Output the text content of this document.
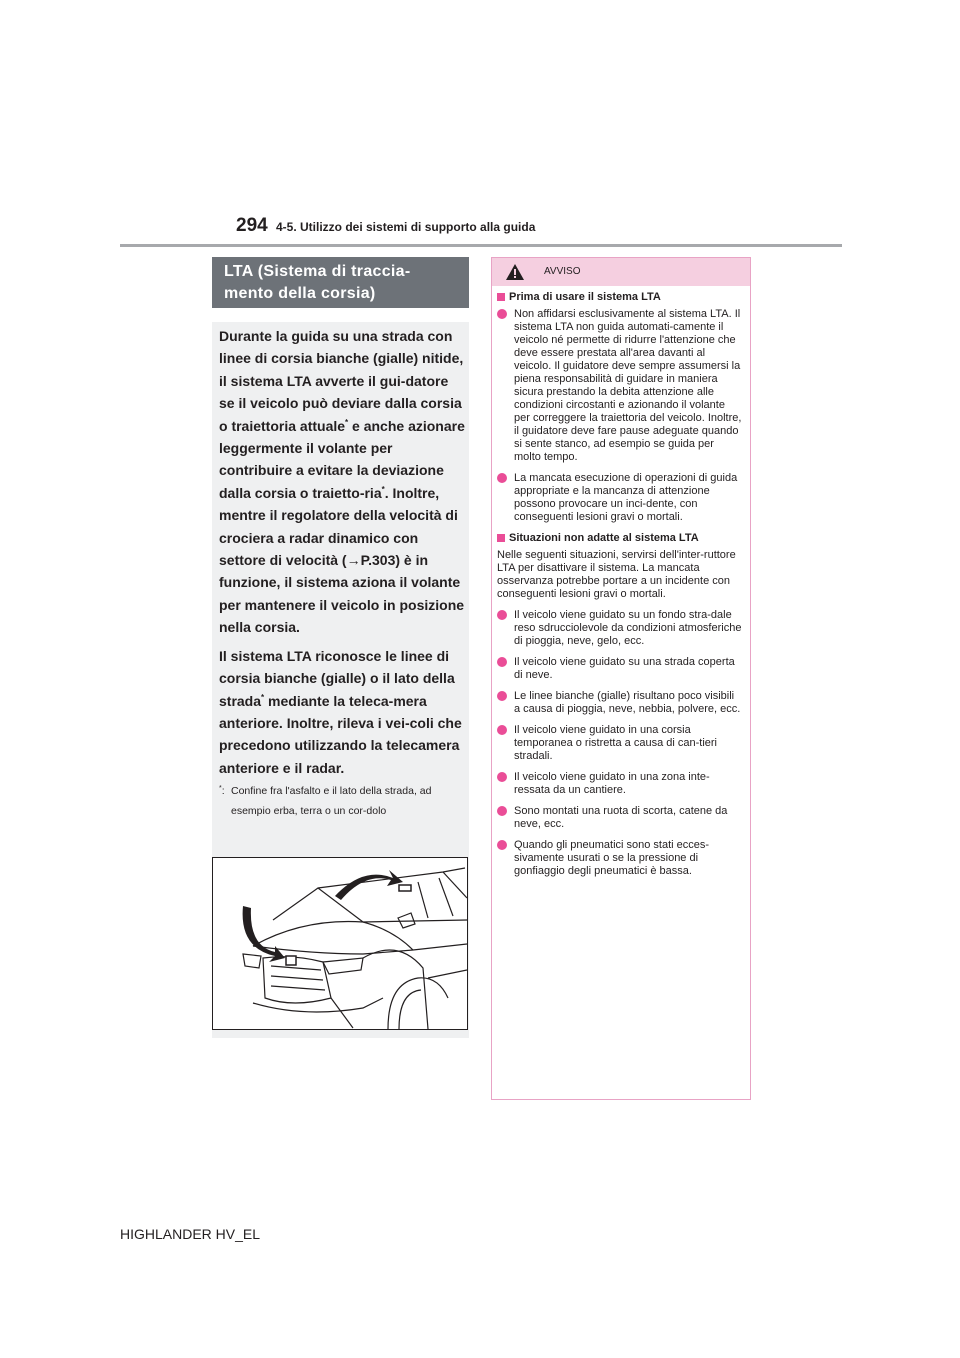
294 4-5. Utilizzo dei sistemi di supporto alla guida
LTA (Sistema di traccia-
mento della corsia)

Durante la guida su una strada con linee di corsia bianche (gialle) nitide, il sistema LTA avverte il gui-datore se il veicolo può deviare dalla corsia o traiettoria attuale* e anche azionare leggermente il volante per contribuire a evitare la deviazione dalla corsia o traietto-ria*. Inoltre, mentre il regolatore della velocità di crociera a radar dinamico con settore di velocità (→P.303) è in funzione, il sistema aziona il volante per mantenere il veicolo in posizione nella corsia.

Il sistema LTA riconosce le linee di corsia bianche (gialle) o il lato della strada* mediante la teleca-mera anteriore. Inoltre, rileva i vei-coli che precedono utilizzando la telecamera anteriore e il radar.

*: Confine fra l'asfalto e il lato della strada, ad esempio erba, terra o un cor-dolo
AVVISO
Prima di usare il sistema LTA
Non affidarsi esclusivamente al sistema LTA. Il sistema LTA non guida automati-camente il veicolo né permette di ridurre l'attenzione che deve essere prestata all'area davanti al veicolo. Il guidatore deve sempre assumersi la piena responsabilità di guidare in maniera sicura prestando la debita attenzione alle condizioni circostanti e azionando il volante per correggere la traiettoria del veicolo. Inoltre, il guidatore deve fare pause adeguate quando si sente stanco, ad esempio se guida per molto tempo.
La mancata esecuzione di operazioni di guida appropriate e la mancanza di attenzione possono provocare un inci-dente, con conseguenti lesioni gravi o mortali.
Situazioni non adatte al sistema LTA
Nelle seguenti situazioni, servirsi dell'inter-ruttore LTA per disattivare il sistema. La mancata osservanza potrebbe portare a un incidente con conseguenti lesioni gravi o mortali.
Il veicolo viene guidato su un fondo stra-dale reso sdrucciolevole da condizioni atmosferiche di pioggia, neve, gelo, ecc.
Il veicolo viene guidato su una strada coperta di neve.
Le linee bianche (gialle) risultano poco visibili a causa di pioggia, neve, nebbia, polvere, ecc.
Il veicolo viene guidato in una corsia temporanea o ristretta a causa di can-tieri stradali.
Il veicolo viene guidato in una zona inte-ressata da un cantiere.
Sono montati una ruota di scorta, catene da neve, ecc.
Quando gli pneumatici sono stati ecces-sivamente usurati o se la pressione di gonfiaggio degli pneumatici è bassa.
HIGHLANDER HV_EL
